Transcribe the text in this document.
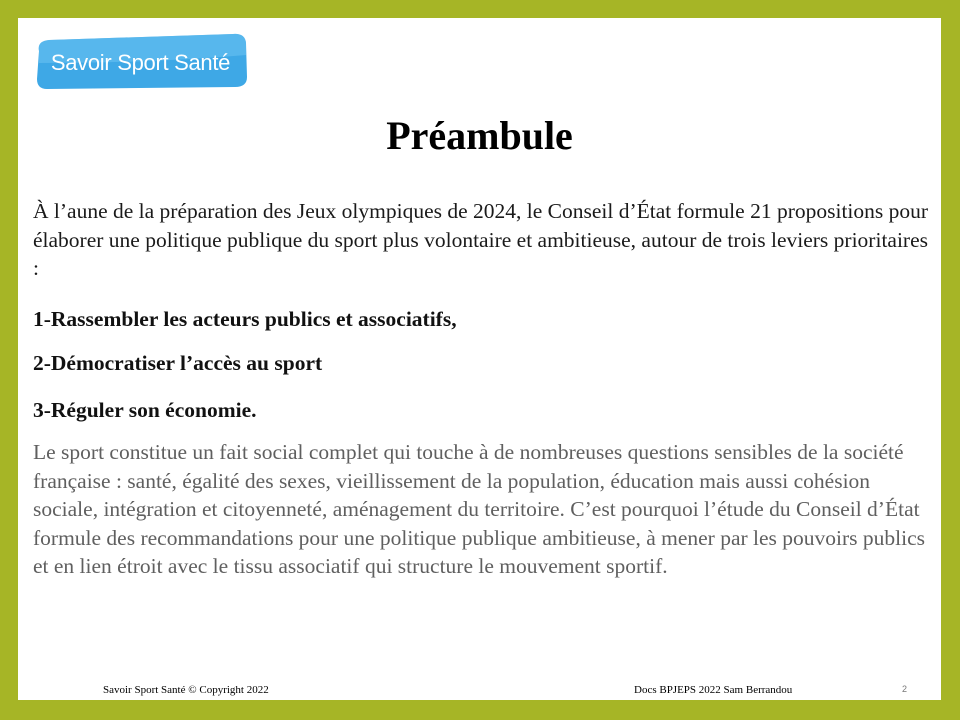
Savoir Sport Santé
Préambule

À l’aune de la préparation des Jeux olympiques de 2024, le Conseil d’État formule 21 propositions pour élaborer une politique publique du sport plus volontaire et ambitieuse, autour de trois leviers prioritaires :

1-Rassembler les acteurs publics et associatifs,

2-Démocratiser l’accès au sport

3-Réguler son économie.

Le sport constitue un fait social complet qui touche à de nombreuses questions sensibles de la société française : santé, égalité des sexes, vieillissement de la population, éducation mais aussi cohésion sociale, intégration et citoyenneté, aménagement du territoire. C’est pourquoi l’étude du Conseil d’État formule des recommandations pour une politique publique ambitieuse, à mener par les pouvoirs publics et en lien étroit avec le tissu associatif qui structure le mouvement sportif.

Savoir Sport Santé © Copyright 2022	Docs BPJEPS 2022 Sam Berrandou	2
